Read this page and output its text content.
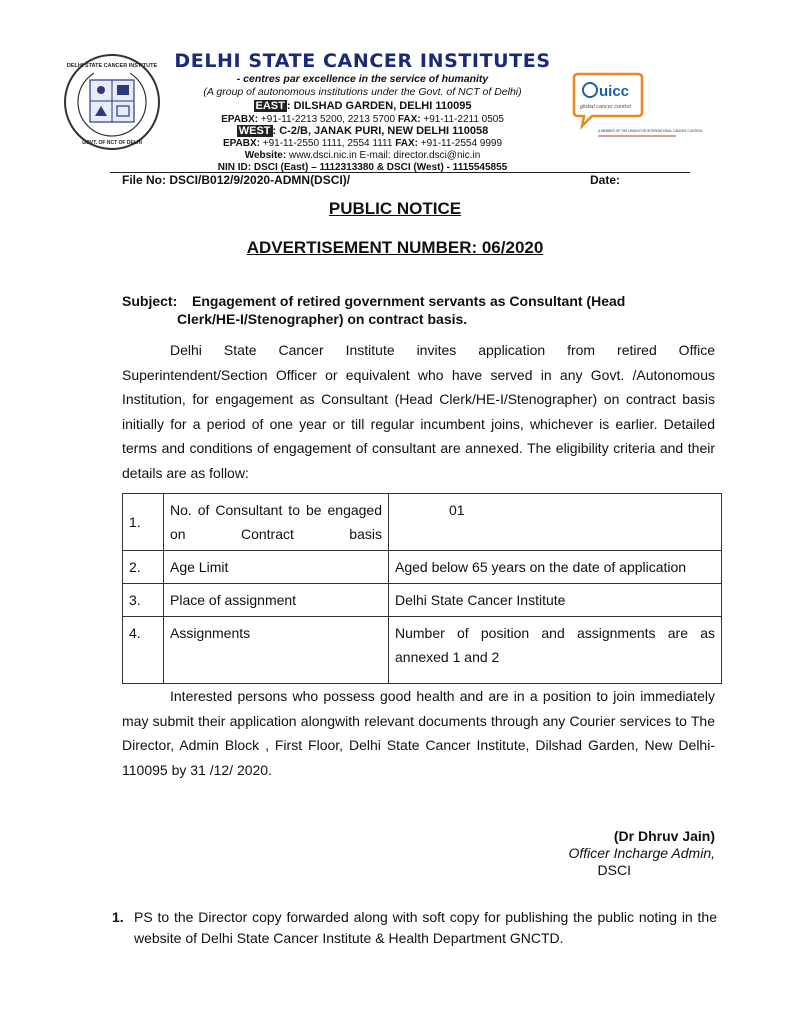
DELHI STATE CANCER INSTITUTE
GOVT. OF NCT OF DELHI
DELHI STATE CANCER INSTITUTES
- centres par excellence in the service of humanity
(A group of autonomous institutions under the Govt. of NCT of Delhi)
EAST : DILSHAD GARDEN, DELHI 110095
EPABX: +91-11-2213 5200, 2213 5700 FAX: +91-11-2211 0505
WEST : C-2/B, JANAK PURI, NEW DELHI 110058
EPABX: +91-11-2550 1111, 2554 1111 FAX: +91-11-2554 9999
Website: www.dsci.nic.in E-mail: director.dsci@nic.in
NIN ID: DSCI (East) – 1112313380 & DSCI (West) - 1115545855
uicc
global cancer control
A MEMBER OF THE UNION FOR INTERNATIONAL CANCER CONTROL
File No: DSCI/B012/9/2020-ADMN(DSCI)/	Date:
PUBLIC NOTICE
ADVERTISEMENT NUMBER: 06/2020
Subject: Engagement of retired government servants as Consultant (Head
Clerk/HE-I/Stenographer) on contract basis.
Delhi State Cancer Institute invites application from retired Office Superintendent/Section Officer or equivalent who have served in any Govt. /Autonomous Institution, for engagement as Consultant (Head Clerk/HE-I/Stenographer) on contract basis initially for a period of one year or till regular incumbent joins, whichever is earlier. Detailed terms and conditions of engagement of consultant are annexed. The eligibility criteria and their details are as follow:
1.	No. of Consultant to be engaged on Contract basis	01
2.	Age Limit	Aged below 65 years on the date of application
3.	Place of assignment	Delhi State Cancer Institute
4.	Assignments	Number of position and assignments are as annexed 1 and 2
Interested persons who possess good health and are in a position to join immediately may submit their application alongwith relevant documents through any Courier services to The Director, Admin Block , First Floor, Delhi State Cancer Institute, Dilshad Garden, New Delhi-110095 by 31 /12/ 2020.
(Dr Dhruv Jain)
Officer Incharge Admin,
DSCI
1. PS to the Director copy forwarded along with soft copy for publishing the public noting in the website of Delhi State Cancer Institute & Health Department GNCTD.
